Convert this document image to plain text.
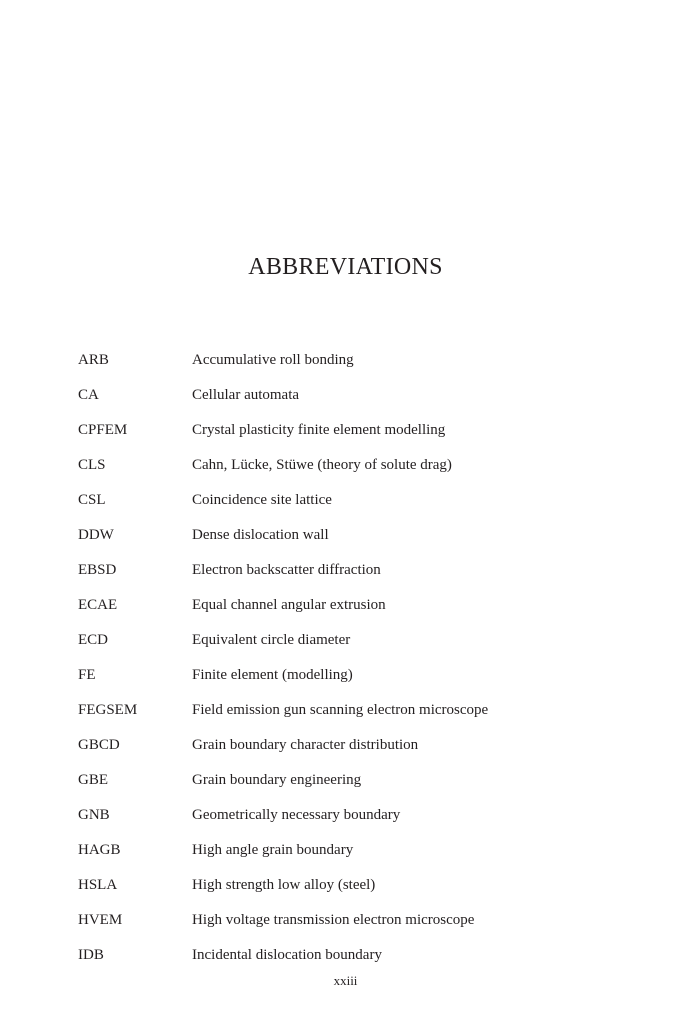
ABBREVIATIONS
ARB	Accumulative roll bonding
CA	Cellular automata
CPFEM	Crystal plasticity finite element modelling
CLS	Cahn, Lücke, Stüwe (theory of solute drag)
CSL	Coincidence site lattice
DDW	Dense dislocation wall
EBSD	Electron backscatter diffraction
ECAE	Equal channel angular extrusion
ECD	Equivalent circle diameter
FE	Finite element (modelling)
FEGSEM	Field emission gun scanning electron microscope
GBCD	Grain boundary character distribution
GBE	Grain boundary engineering
GNB	Geometrically necessary boundary
HAGB	High angle grain boundary
HSLA	High strength low alloy (steel)
HVEM	High voltage transmission electron microscope
IDB	Incidental dislocation boundary
xxiii
